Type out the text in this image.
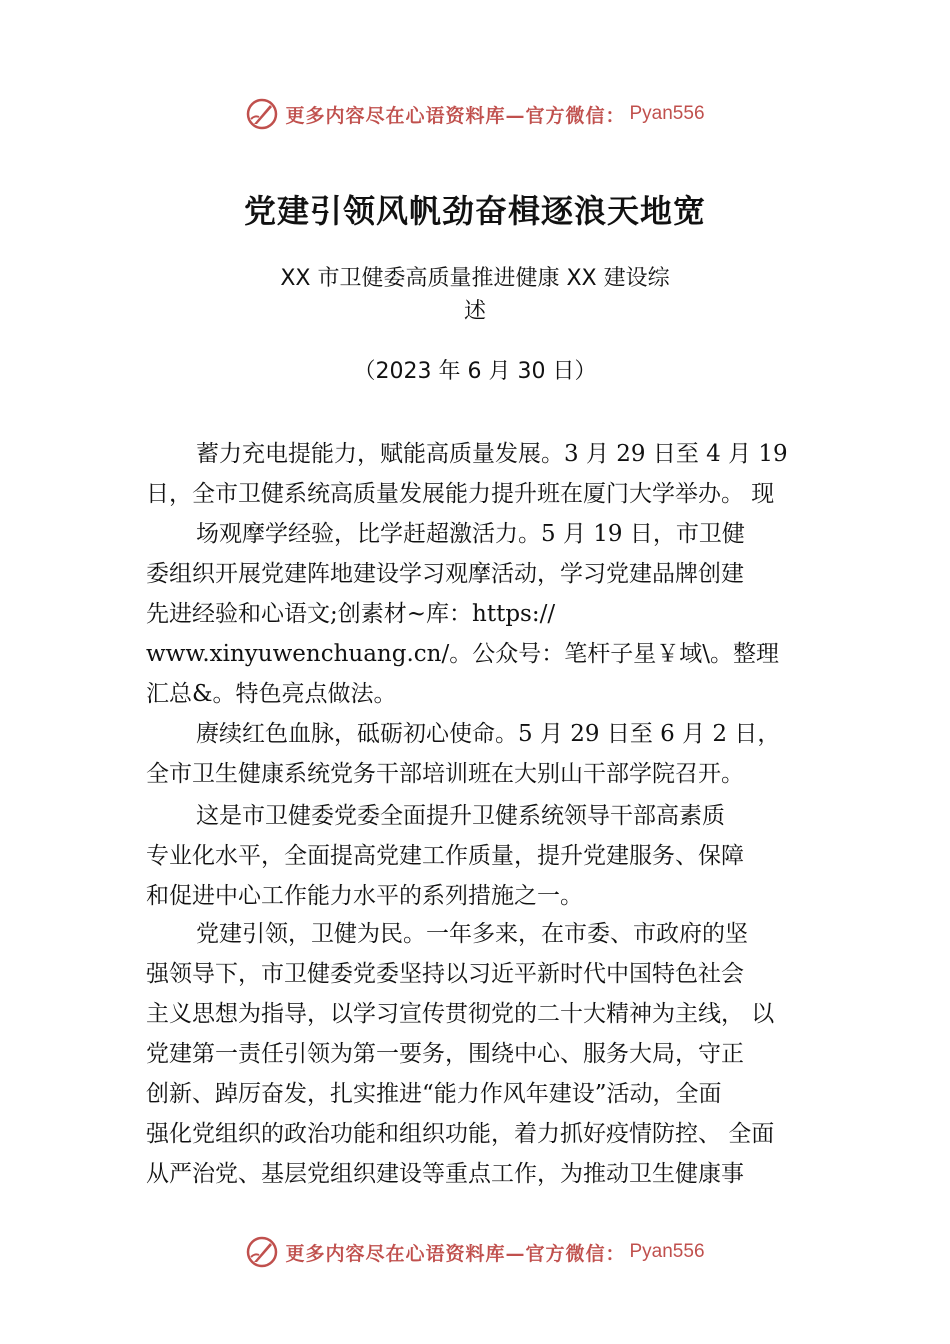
更多内容尽在心语资料库—官方微信： Pyan556
党建引领风帆劲奋楫逐浪天地宽
XX 市卫健委高质量推进健康 XX 建设综
述
（2023 年 6 月 30 日）
蓄力充电提能力，赋能高质量发展。3 月 29 日至 4 月 19
日，全市卫健系统高质量发展能力提升班在厦门大学举办。 现
场观摩学经验，比学赶超激活力。5 月 19 日，市卫健
委组织开展党建阵地建设学习观摩活动，学习党建品牌创建
先进经验和心语文;创素材~库：https://
www.xinyuwenchuang.cn/。公众号：笔杆子星￥域\。整理
汇总&。特色亮点做法。
赓续红色血脉，砥砺初心使命。5 月 29 日至 6 月 2 日，
全市卫生健康系统党务干部培训班在大别山干部学院召开。
这是市卫健委党委全面提升卫健系统领导干部高素质
专业化水平，全面提高党建工作质量，提升党建服务、保障
和促进中心工作能力水平的系列措施之一。
党建引领，卫健为民。一年多来，在市委、市政府的坚
强领导下，市卫健委党委坚持以习近平新时代中国特色社会
主义思想为指导，以学习宣传贯彻党的二十大精神为主线， 以
党建第一责任引领为第一要务，围绕中心、服务大局，守正
创新、踔厉奋发，扎实推进“能力作风年建设”活动，全面
强化党组织的政治功能和组织功能，着力抓好疫情防控、 全面
从严治党、基层党组织建设等重点工作，为推动卫生健康事
更多内容尽在心语资料库—官方微信： Pyan556
